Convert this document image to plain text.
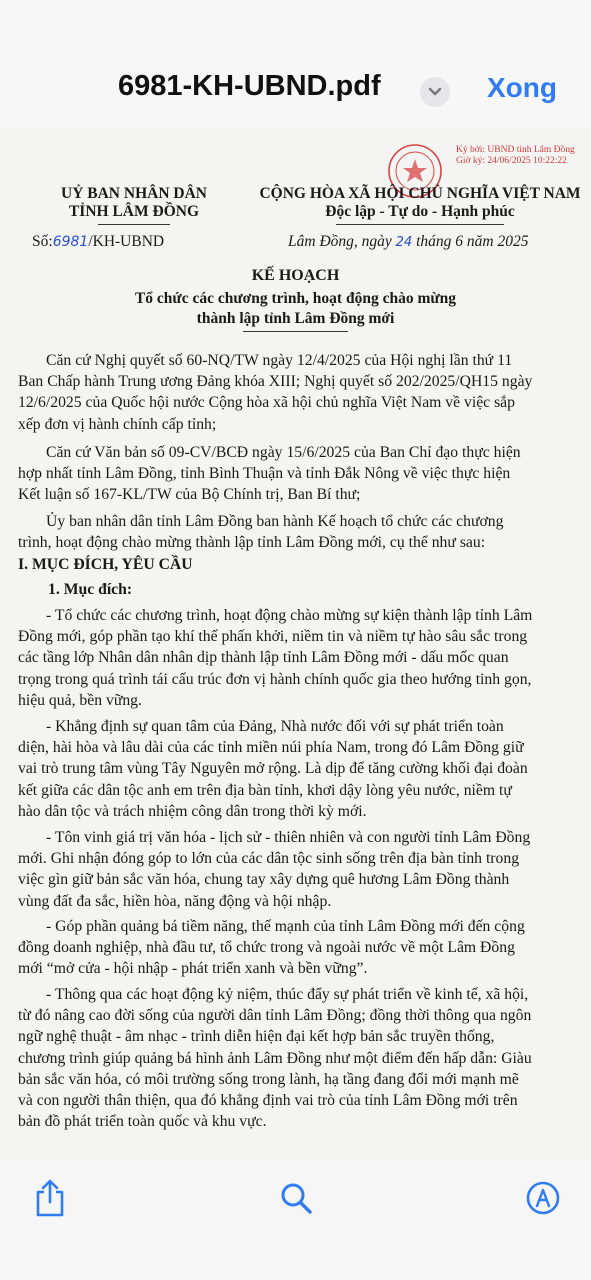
6981-KH-UBND.pdf	Xong
Ký bởi: UBND tỉnh Lâm Đồng
Giờ ký: 24/06/2025 10:22:22
UỶ BAN NHÂN DÂN
TỈNH LÂM ĐỒNG
CỘNG HÒA XÃ HỘI CHỦ NGHĨA VIỆT NAM
Độc lập - Tự do - Hạnh phúc
Số:6981/KH-UBND	Lâm Đồng, ngày 24 tháng 6 năm 2025
KẾ HOẠCH
Tổ chức các chương trình, hoạt động chào mừng
thành lập tỉnh Lâm Đồng mới
Căn cứ Nghị quyết số 60-NQ/TW ngày 12/4/2025 của Hội nghị lần thứ 11
Ban Chấp hành Trung ương Đảng khóa XIII; Nghị quyết số 202/2025/QH15 ngày
12/6/2025 của Quốc hội nước Cộng hòa xã hội chủ nghĩa Việt Nam về việc sắp
xếp đơn vị hành chính cấp tỉnh;
Căn cứ Văn bản số 09-CV/BCĐ ngày 15/6/2025 của Ban Chỉ đạo thực hiện
hợp nhất tỉnh Lâm Đồng, tỉnh Bình Thuận và tỉnh Đắk Nông về việc thực hiện
Kết luận số 167-KL/TW của Bộ Chính trị, Ban Bí thư;
Ủy ban nhân dân tỉnh Lâm Đồng ban hành Kế hoạch tổ chức các chương
trình, hoạt động chào mừng thành lập tỉnh Lâm Đồng mới, cụ thể như sau:
I. MỤC ĐÍCH, YÊU CẦU
1. Mục đích:
- Tổ chức các chương trình, hoạt động chào mừng sự kiện thành lập tỉnh Lâm
Đồng mới, góp phần tạo khí thế phấn khởi, niềm tin và niềm tự hào sâu sắc trong
các tầng lớp Nhân dân nhân dịp thành lập tỉnh Lâm Đồng mới - dấu mốc quan
trọng trong quá trình tái cấu trúc đơn vị hành chính quốc gia theo hướng tinh gọn,
hiệu quả, bền vững.
- Khẳng định sự quan tâm của Đảng, Nhà nước đối với sự phát triển toàn
diện, hài hòa và lâu dài của các tỉnh miền núi phía Nam, trong đó Lâm Đồng giữ
vai trò trung tâm vùng Tây Nguyên mở rộng. Là dịp để tăng cường khối đại đoàn
kết giữa các dân tộc anh em trên địa bàn tỉnh, khơi dậy lòng yêu nước, niềm tự
hào dân tộc và trách nhiệm công dân trong thời kỳ mới.
- Tôn vinh giá trị văn hóa - lịch sử - thiên nhiên và con người tỉnh Lâm Đồng
mới. Ghi nhận đóng góp to lớn của các dân tộc sinh sống trên địa bàn tỉnh trong
việc gìn giữ bản sắc văn hóa, chung tay xây dựng quê hương Lâm Đồng thành
vùng đất đa sắc, hiền hòa, năng động và hội nhập.
- Góp phần quảng bá tiềm năng, thế mạnh của tỉnh Lâm Đồng mới đến cộng
đồng doanh nghiệp, nhà đầu tư, tổ chức trong và ngoài nước về một Lâm Đồng
mới “mở cửa - hội nhập - phát triển xanh và bền vững”.
- Thông qua các hoạt động kỷ niệm, thúc đẩy sự phát triển về kinh tế, xã hội,
từ đó nâng cao đời sống của người dân tỉnh Lâm Đồng; đồng thời thông qua ngôn
ngữ nghệ thuật - âm nhạc - trình diễn hiện đại kết hợp bản sắc truyền thống,
chương trình giúp quảng bá hình ảnh Lâm Đồng như một điểm đến hấp dẫn: Giàu
bản sắc văn hóa, có môi trường sống trong lành, hạ tầng đang đổi mới mạnh mẽ
và con người thân thiện, qua đó khẳng định vai trò của tỉnh Lâm Đồng mới trên
bản đồ phát triển toàn quốc và khu vực.
